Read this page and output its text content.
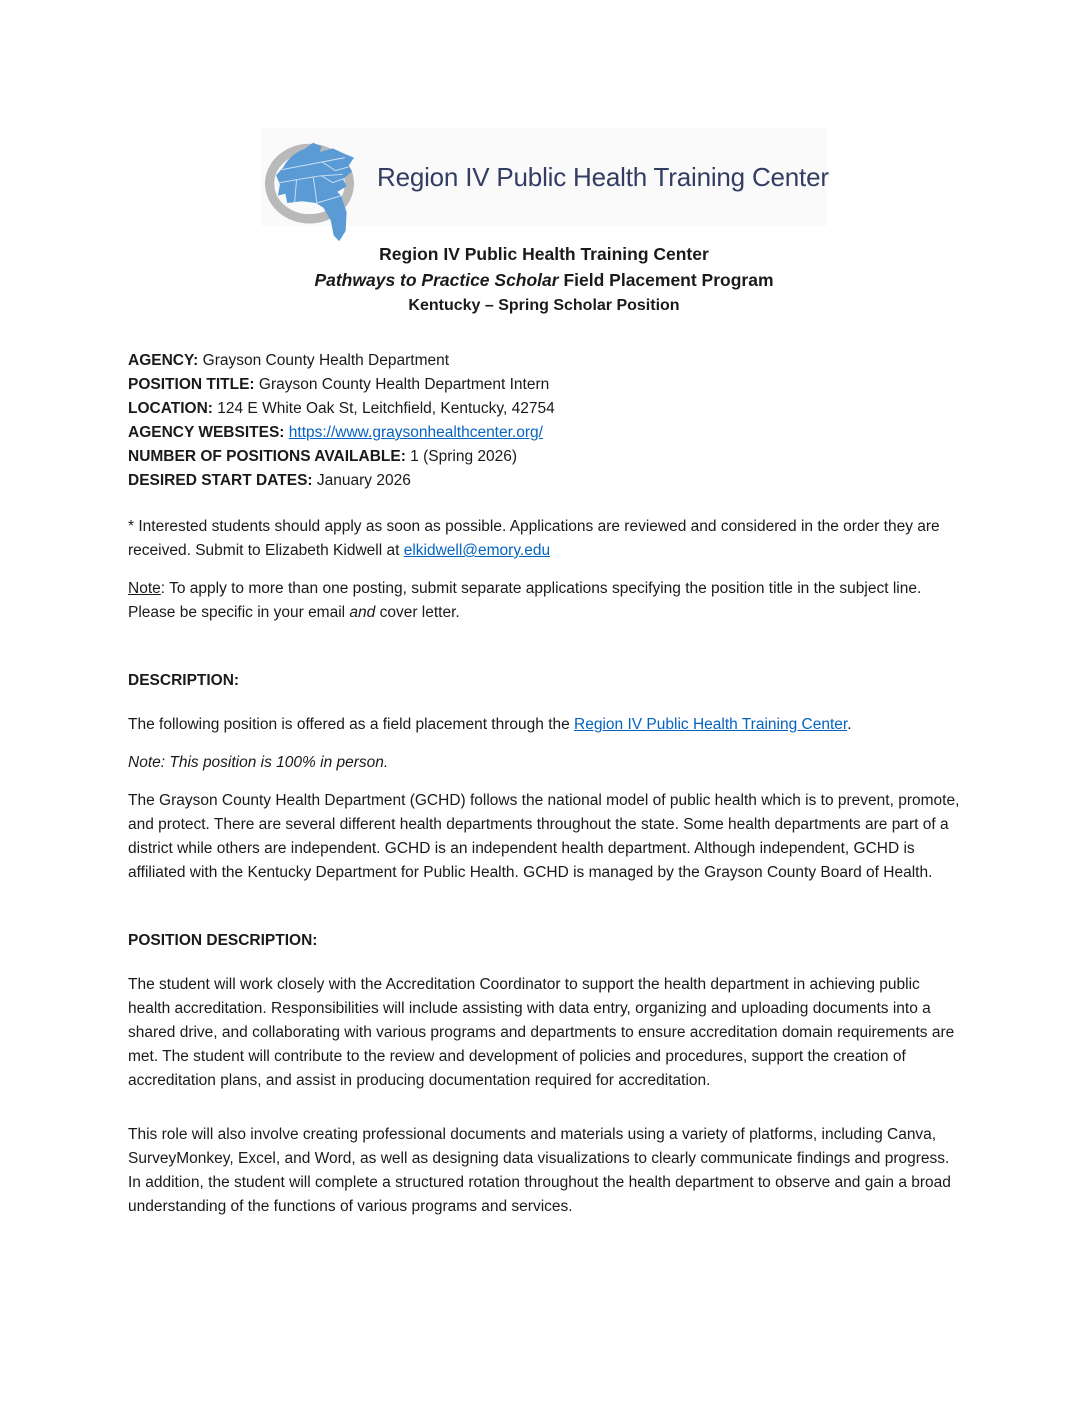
Region IV Public Health Training Center
Region IV Public Health Training Center
Pathways to Practice Scholar Field Placement Program
Kentucky – Spring Scholar Position
AGENCY: Grayson County Health Department
POSITION TITLE: Grayson County Health Department Intern
LOCATION: 124 E White Oak St, Leitchfield, Kentucky, 42754
AGENCY WEBSITES: https://www.graysonhealthcenter.org/
NUMBER OF POSITIONS AVAILABLE: 1 (Spring 2026)
DESIRED START DATES: January 2026

* Interested students should apply as soon as possible. Applications are reviewed and considered in the order they are received. Submit to Elizabeth Kidwell at elkidwell@emory.edu

Note: To apply to more than one posting, submit separate applications specifying the position title in the subject line. Please be specific in your email and cover letter.

DESCRIPTION:

The following position is offered as a field placement through the Region IV Public Health Training Center.

Note: This position is 100% in person.

The Grayson County Health Department (GCHD) follows the national model of public health which is to prevent, promote, and protect. There are several different health departments throughout the state. Some health departments are part of a district while others are independent. GCHD is an independent health department. Although independent, GCHD is affiliated with the Kentucky Department for Public Health. GCHD is managed by the Grayson County Board of Health.

POSITION DESCRIPTION:

The student will work closely with the Accreditation Coordinator to support the health department in achieving public health accreditation. Responsibilities will include assisting with data entry, organizing and uploading documents into a shared drive, and collaborating with various programs and departments to ensure accreditation domain requirements are met. The student will contribute to the review and development of policies and procedures, support the creation of accreditation plans, and assist in producing documentation required for accreditation.

This role will also involve creating professional documents and materials using a variety of platforms, including Canva, SurveyMonkey, Excel, and Word, as well as designing data visualizations to clearly communicate findings and progress. In addition, the student will complete a structured rotation throughout the health department to observe and gain a broad understanding of the functions of various programs and services.
